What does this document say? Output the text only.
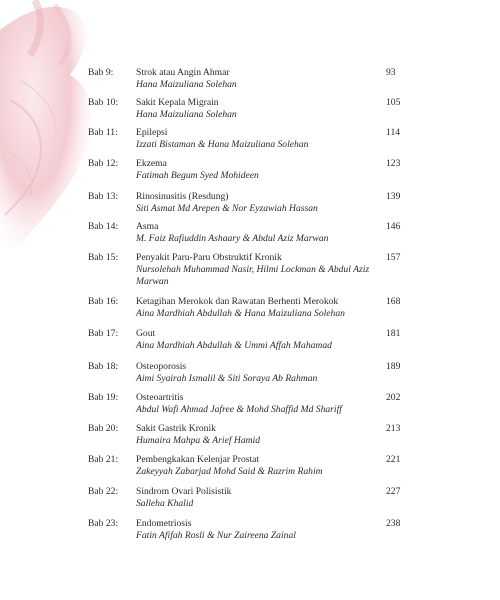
Bab 9: Strok atau Angin Ahmar
Hana Maizuliana Solehan
93
Bab 10: Sakit Kepala Migrain
Hana Maizuliana Solehan
105
Bab 11: Epilepsi
Izzati Bistaman & Hana Maizuliana Solehan
114
Bab 12: Ekzema
Fatimah Begum Syed Mohideen
123
Bab 13: Rinosinusitis (Resdung)
Siti Asmat Md Arepen & Nor Eyzawiah Hassan
139
Bab 14: Asma
M. Faiz Rafiuddin Ashaary & Abdul Aziz Marwan
146
Bab 15: Penyakit Paru-Paru Obstruktif Kronik
Nursolehah Muhammad Nasir, Hilmi Lockman & Abdul Aziz Marwan
157
Bab 16: Ketagihan Merokok dan Rawatan Berhenti Merokok
Aina Mardhiah Abdullah & Hana Maizuliana Solehan
168
Bab 17: Gout
Aina Mardhiah Abdullah & Ummi Affah Mahamad
181
Bab 18: Osteoporosis
Aimi Syairah Ismalil & Siti Soraya Ab Rahman
189
Bab 19: Osteoartritis
Abdul Wafi Ahmad Jafree & Mohd Shaffid Md Shariff
202
Bab 20: Sakit Gastrik Kronik
Humaira Mahpa & Arief Hamid
213
Bab 21: Pembengkakan Kelenjar Prostat
Zakeyyah Zabarjad Mohd Said & Razrim Rahim
221
Bab 22: Sindrom Ovari Polisistik
Salleha Khalid
227
Bab 23: Endometriosis
Fatin Afifah Rosli & Nur Zaireena Zainal
238
